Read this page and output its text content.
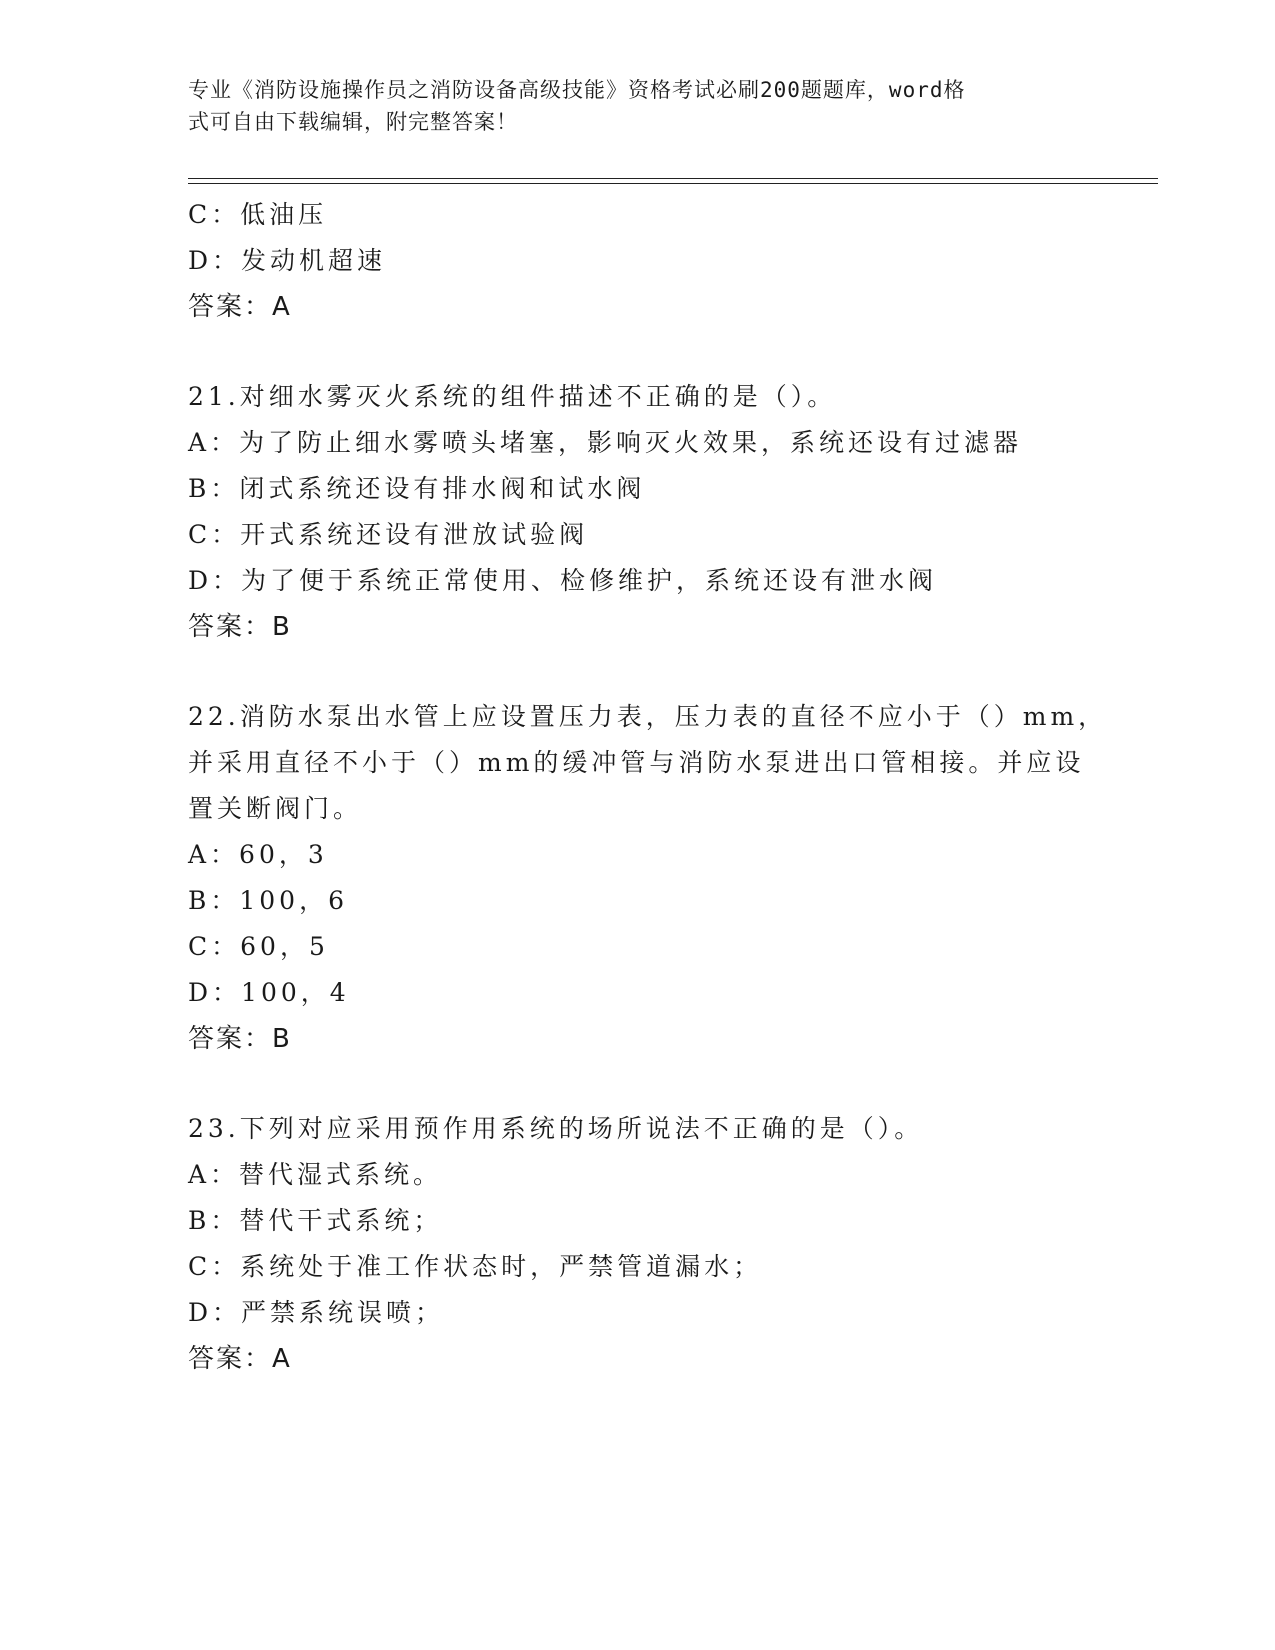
专业《消防设施操作员之消防设备高级技能》资格考试必刷200题题库，word格
式可自由下载编辑，附完整答案！
C：低油压
D：发动机超速
答案：A
21.对细水雾灭火系统的组件描述不正确的是（）。
A：为了防止细水雾喷头堵塞，影响灭火效果，系统还设有过滤器
B：闭式系统还设有排水阀和试水阀
C：开式系统还设有泄放试验阀
D：为了便于系统正常使用、检修维护，系统还设有泄水阀
答案：B
22.消防水泵出水管上应设置压力表，压力表的直径不应小于（）mm，
并采用直径不小于（）mm的缓冲管与消防水泵进出口管相接。并应设
置关断阀门。
A：60，3
B：100，6
C：60，5
D：100，4
答案：B
23.下列对应采用预作用系统的场所说法不正确的是（）。
A：替代湿式系统。
B：替代干式系统；
C：系统处于准工作状态时，严禁管道漏水；
D：严禁系统误喷；
答案：A
